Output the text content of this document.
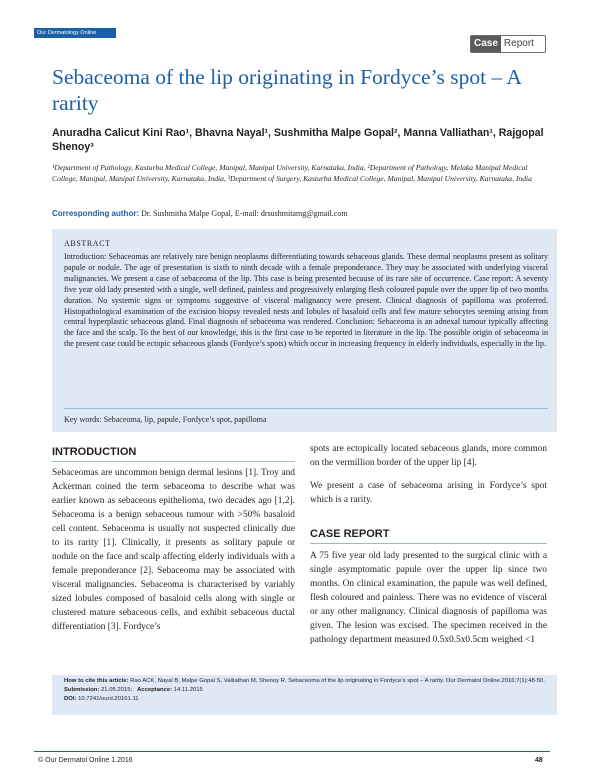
Our Dermatology Online
Case Report
Sebaceoma of the lip originating in Fordyce’s spot – A rarity
Anuradha Calicut Kini Rao¹, Bhavna Nayal¹, Sushmitha Malpe Gopal², Manna Valliathan¹, Rajgopal Shenoy³
¹Department of Pathology, Kasturba Medical College, Manipal, Manipal University, Karnataka, India, ²Department of Pathology, Melaka Manipal Medical College, Manipal, Manipal University, Karnataka, India, ³Department of Surgery, Kasturba Medical College, Manipal, Manipal University, Karnataka, India
Corresponding author: Dr. Sushmitha Malpe Gopal, E-mail: drsushmitamg@gmail.com
ABSTRACT
Introduction: Sebaceomas are relatively rare benign neoplasms differentiating towards sebaceous glands. These dermal neoplasms present as solitary papule or nodule. The age of presentation is sixth to ninth decade with a female preponderance. They may be associated with underlying visceral malignancies. We present a case of sebaceoma of the lip. This case is being presented because of its rare site of occurrence. Case report: A seventy five year old lady presented with a single, well defined, painless and progressively enlarging flesh coloured papule over the upper lip of two months duration. No systemic signs or symptoms suggestive of visceral malignancy were present. Clinical diagnosis of papilloma was proferred. Histopathological examination of the excision biopsy revealed nests and lobules of basaloid cells and few mature sebocytes seeming arising from central hyperplastic sebaceous gland. Final diagnosis of sebaceoma was rendered. Conclusion: Sebaceoma is an adnexal tumour typically affecting the face and the scalp. To the best of our knowledge, this is the first case to be reported in literature in the lip. The possible origin of sebaceoma in the present case could be ectopic sebaceous glands (Fordyce’s spots) which occur in increasing frequency in elderly individuals, especially in the lip.
Key words: Sebaceoma, lip, papule, Fordyce’s spot, papilloma
INTRODUCTION

Sebaceomas are uncommon benign dermal lesions [1]. Troy and Ackerman coined the term sebaceoma to describe what was earlier known as sebaceous epithelioma, two decades ago [1,2]. Sebaceoma is a benign sebaceous tumour with >50% basaloid cell content. Sebaceoma is usually not suspected clinically due to its rarity [1]. Clinically, it presents as solitary papule or nodule on the face and scalp affecting elderly individuals with a female preponderance [2]. Sebaceoma may be associated with visceral malignancies. Sebaceoma is characterised by variably sized lobules composed of basaloid cells along with single or clustered mature sebaceous cells, and exhibit sebaceous ductal differentiation [3]. Fordyce’s

spots are ectopically located sebaceous glands, more common on the vermillion border of the upper lip [4].

We present a case of sebaceoma arising in Fordyce’s spot which is a rarity.

CASE REPORT

A 75 five year old lady presented to the surgical clinic with a single asymptomatic papule over the upper lip since two months. On clinical examination, the papule was well defined, flesh coloured and painless. There was no evidence of visceral or any other malignancy. Clinical diagnosis of papilloma was given. The lesion was excised. The specimen received in the pathology department measured 0.5x0.5x0.5cm weighed <1

How to cite this article: Rao ACK, Nayal B, Malpe Gopal S, Valliathan M, Shenoy R. Sebaceoma of the lip originating in Fordyce’s spot – A rarity. Our Dermatol Online.2016;7(1):48-50.
Submission: 21.05.2015; Acceptance: 14.11.2015
DOI: 10.7241/ourd.20161.11
© Our Dermatol Online 1.2016	48
